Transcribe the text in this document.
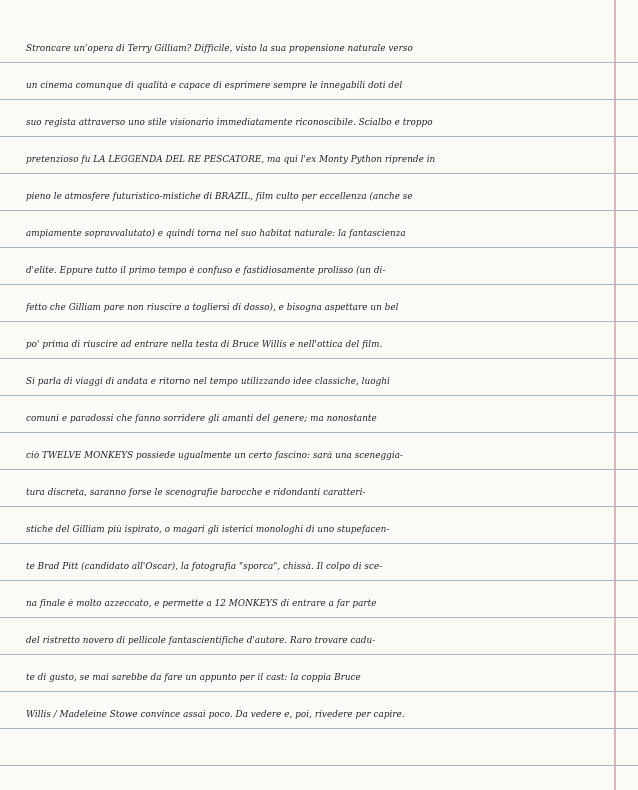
Stroncare un'opera di Terry Gilliam? Difficile, visto la sua propensione naturale verso
un cinema comunque di qualità e capace di esprimere sempre le innegabili doti del
suo regista attraverso uno stile visionario immediatamente riconoscibile. Scialbo e troppo
pretenzioso fu LA LEGGENDA DEL RE PESCATORE, ma qui l'ex Monty Python riprende in
pieno le atmosfere futuristico-mistiche di BRAZIL, film culto per eccellenza (anche se
ampiamente sopravvalutato) e quindi torna nel suo habitat naturale: la fantascienza
d'elite. Eppure tutto il primo tempo è confuso e fastidiosamente prolisso (un di-
fetto che Gilliam pare non riuscire a togliersi di dosso), e bisogna aspettare un bel
po' prima di riuscire ad entrare nella testa di Bruce Willis e nell'ottica del film.
Si parla di viaggi di andata e ritorno nel tempo utilizzando idee classiche, luoghi
comuni e paradossi che fanno sorridere gli amanti del genere; ma nonostante
ciò TWELVE MONKEYS possiede ugualmente un certo fascino: sarà una sceneggia-
tura discreta, saranno forse le scenografie barocche e ridondanti caratteri-
stiche del Gilliam più ispirato, o magari gli isterici monologhi di uno stupefacen-
te Brad Pitt (candidato all'Oscar), la fotografia "sporca", chissà. Il colpo di sce-
na finale è molto azzeccato, e permette a 12 MONKEYS di entrare a far parte
del ristretto novero di pellicole fantascientifiche d'autore. Raro trovare cadu-
te di gusto, se mai sarebbe da fare un appunto per il cast: la coppia Bruce
Willis / Madeleine Stowe convince assai poco. Da vedere e, poi, rivedere per capire.
